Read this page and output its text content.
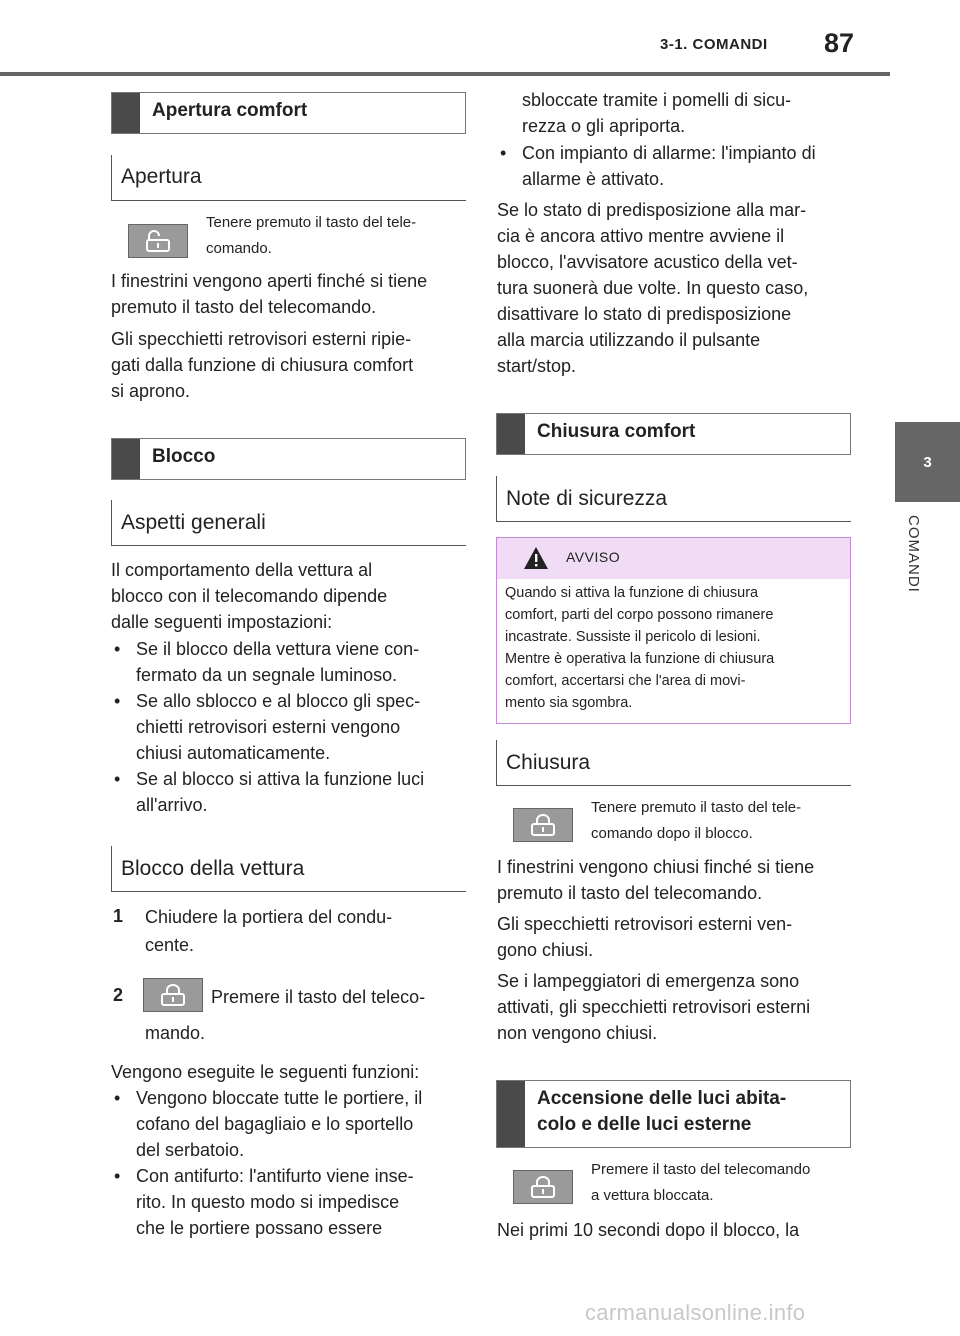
3-1. COMANDI 87
3
COMANDI
Apertura comfort
Apertura
Tenere premuto il tasto del tele-
comando.
I finestrini vengono aperti finché si tiene
premuto il tasto del telecomando.
Gli specchietti retrovisori esterni ripie-
gati dalla funzione di chiusura comfort
si aprono.
Blocco
Aspetti generali
Il comportamento della vettura al
blocco con il telecomando dipende
dalle seguenti impostazioni:
• Se il blocco della vettura viene con-
fermato da un segnale luminoso.
• Se allo sblocco e al blocco gli spec-
chietti retrovisori esterni vengono
chiusi automaticamente.
• Se al blocco si attiva la funzione luci
all'arrivo.
Blocco della vettura
1 Chiudere la portiera del condu-
cente.
2	Premere il tasto del teleco-
mando.
Vengono eseguite le seguenti funzioni:
• Vengono bloccate tutte le portiere, il
cofano del bagagliaio e lo sportello
del serbatoio.
• Con antifurto: l'antifurto viene inse-
rito. In questo modo si impedisce
che le portiere possano essere
sbloccate tramite i pomelli di sicu-
rezza o gli apriporta.
• Con impianto di allarme: l'impianto di
allarme è attivato.
Se lo stato di predisposizione alla mar-
cia è ancora attivo mentre avviene il
blocco, l'avvisatore acustico della vet-
tura suonerà due volte. In questo caso,
disattivare lo stato di predisposizione
alla marcia utilizzando il pulsante
start/stop.
Chiusura comfort
Note di sicurezza
AVVISO
Quando si attiva la funzione di chiusura
comfort, parti del corpo possono rimanere
incastrate. Sussiste il pericolo di lesioni.
Mentre è operativa la funzione di chiusura
comfort, accertarsi che l'area di movi-
mento sia sgombra.
Chiusura
Tenere premuto il tasto del tele-
comando dopo il blocco.
I finestrini vengono chiusi finché si tiene
premuto il tasto del telecomando.
Gli specchietti retrovisori esterni ven-
gono chiusi.
Se i lampeggiatori di emergenza sono
attivati, gli specchietti retrovisori esterni
non vengono chiusi.
Accensione delle luci abita-
colo e delle luci esterne
Premere il tasto del telecomando
a vettura bloccata.
Nei primi 10 secondi dopo il blocco, la
carmanualsonline.info
